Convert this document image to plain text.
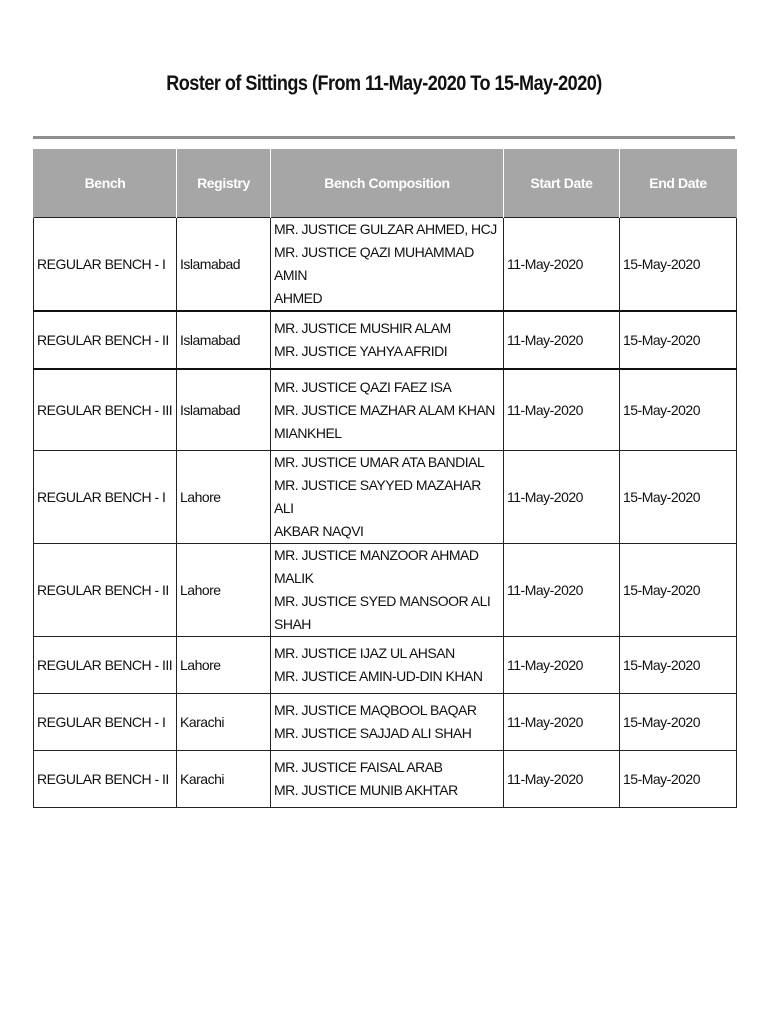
Roster of Sittings (From 11-May-2020 To 15-May-2020)
Bench	Registry	Bench Composition	Start Date	End Date
REGULAR BENCH - I	Islamabad	MR. JUSTICE GULZAR AHMED, HCJ
MR. JUSTICE QAZI MUHAMMAD AMIN
AHMED	11-May-2020	15-May-2020
REGULAR BENCH - II	Islamabad	MR. JUSTICE MUSHIR ALAM
MR. JUSTICE YAHYA AFRIDI	11-May-2020	15-May-2020
REGULAR BENCH - III	Islamabad	MR. JUSTICE QAZI FAEZ ISA
MR. JUSTICE MAZHAR ALAM KHAN
MIANKHEL	11-May-2020	15-May-2020
REGULAR BENCH - I	Lahore	MR. JUSTICE UMAR ATA BANDIAL
MR. JUSTICE SAYYED MAZAHAR ALI
AKBAR NAQVI	11-May-2020	15-May-2020
REGULAR BENCH - II	Lahore	MR. JUSTICE MANZOOR AHMAD MALIK
MR. JUSTICE SYED MANSOOR ALI SHAH	11-May-2020	15-May-2020
REGULAR BENCH - III	Lahore	MR. JUSTICE IJAZ UL AHSAN
MR. JUSTICE AMIN-UD-DIN KHAN	11-May-2020	15-May-2020
REGULAR BENCH - I	Karachi	MR. JUSTICE MAQBOOL BAQAR
MR. JUSTICE SAJJAD ALI SHAH	11-May-2020	15-May-2020
REGULAR BENCH - II	Karachi	MR. JUSTICE FAISAL ARAB
MR. JUSTICE MUNIB AKHTAR	11-May-2020	15-May-2020
